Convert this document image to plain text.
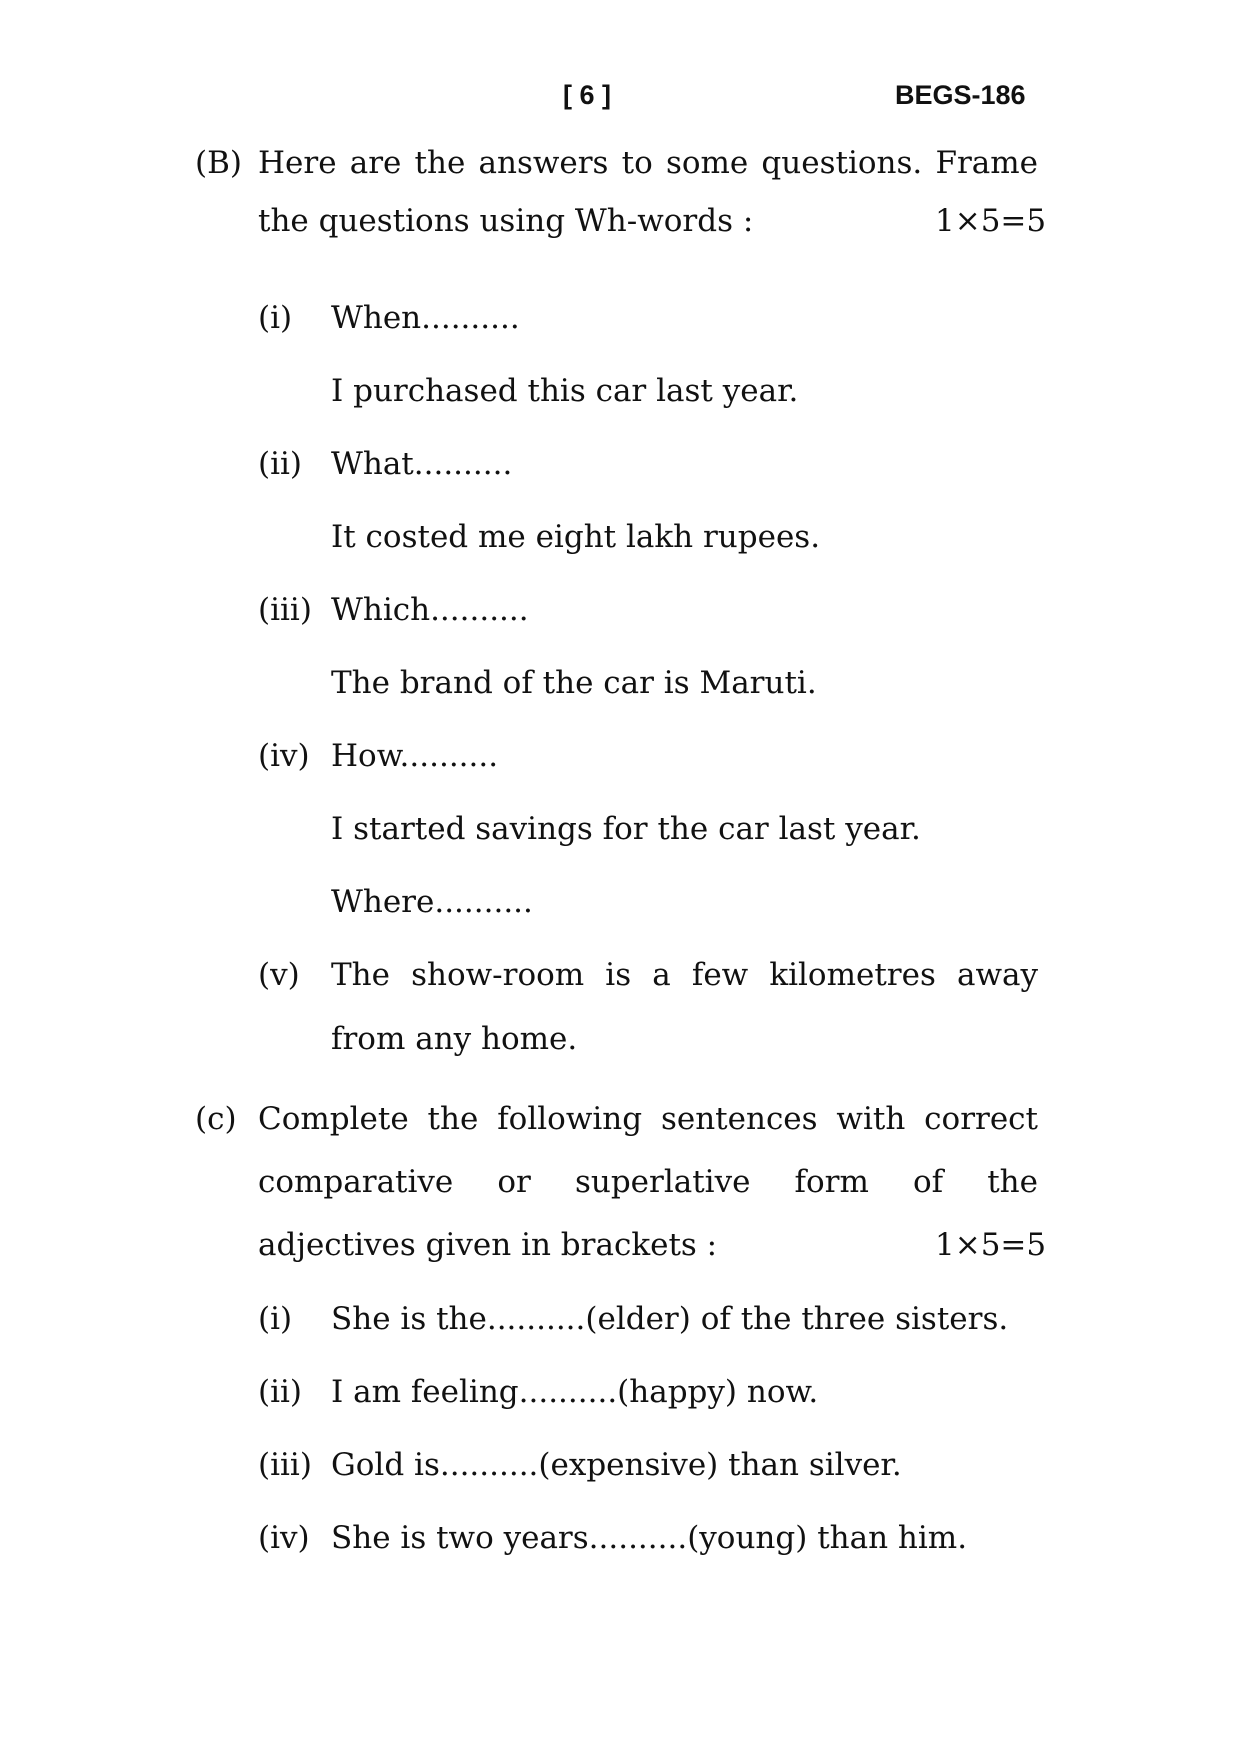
[ 6 ]	BEGS-186
(B) Here are the answers to some questions. Frame
the questions using Wh-words :	1×5=5
(i) When..........
I purchased this car last year.
(ii) What..........
It costed me eight lakh rupees.
(iii) Which..........
The brand of the car is Maruti.
(iv) How..........
I started savings for the car last year.
Where..........
(v) The show-room is a few kilometres away
from any home.
(c) Complete the following sentences with correct
comparative or superlative form of the
adjectives given in brackets :	1×5=5
(i) She is the..........(elder) of the three sisters.
(ii) I am feeling..........(happy) now.
(iii) Gold is..........(expensive) than silver.
(iv) She is two years..........(young) than him.
